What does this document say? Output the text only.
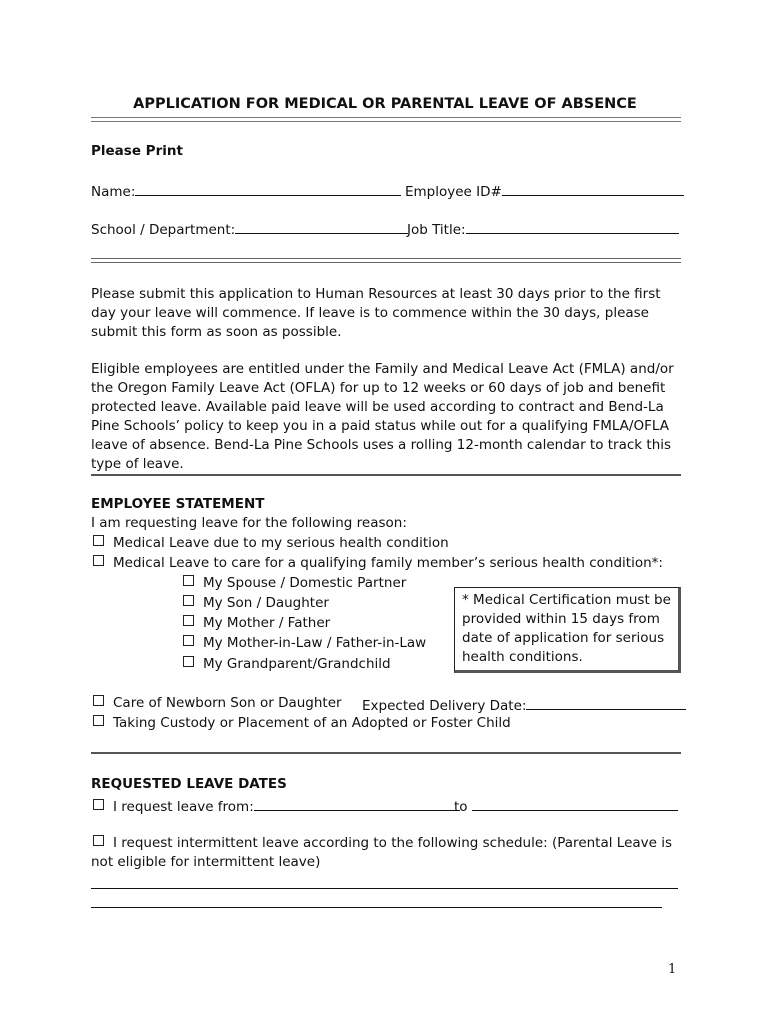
APPLICATION FOR MEDICAL OR PARENTAL LEAVE OF ABSENCE
Please Print
Name:	Employee ID#
School / Department:	Job Title:
Please submit this application to Human Resources at least 30 days prior to the first day your leave will commence. If leave is to commence within the 30 days, please submit this form as soon as possible.
Eligible employees are entitled under the Family and Medical Leave Act (FMLA) and/or the Oregon Family Leave Act (OFLA) for up to 12 weeks or 60 days of job and benefit protected leave. Available paid leave will be used according to contract and Bend-La Pine Schools’ policy to keep you in a paid status while out for a qualifying FMLA/OFLA leave of absence. Bend-La Pine Schools uses a rolling 12-month calendar to track this type of leave.
EMPLOYEE STATEMENT
I am requesting leave for the following reason:
Medical Leave due to my serious health condition
Medical Leave to care for a qualifying family member’s serious health condition*:
My Spouse / Domestic Partner
My Son / Daughter
My Mother / Father
My Mother-in-Law / Father-in-Law
My Grandparent/Grandchild
* Medical Certification must be provided within 15 days from date of application for serious health conditions.
Care of Newborn Son or Daughter Expected Delivery Date:
Taking Custody or Placement of an Adopted or Foster Child
REQUESTED LEAVE DATES
I request leave from:	to
I request intermittent leave according to the following schedule: (Parental Leave is not eligible for intermittent leave)
1
